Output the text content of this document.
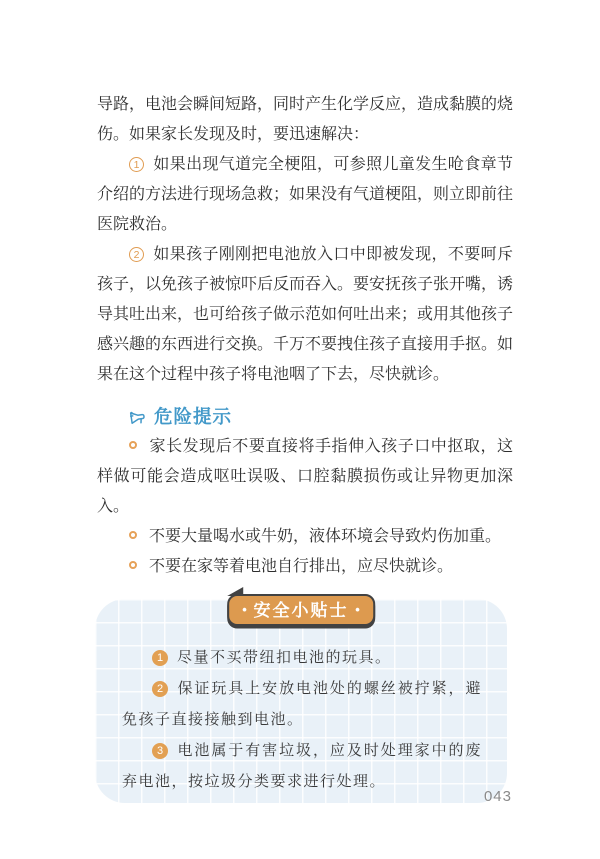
导路，电池会瞬间短路，同时产生化学反应，造成黏膜的烧伤。如果家长发现及时，要迅速解决：

1 如果出现气道完全梗阻，可参照儿童发生呛食章节介绍的方法进行现场急救；如果没有气道梗阻，则立即前往医院救治。

2 如果孩子刚刚把电池放入口中即被发现，不要呵斥孩子，以免孩子被惊吓后反而吞入。要安抚孩子张开嘴，诱导其吐出来，也可给孩子做示范如何吐出来；或用其他孩子感兴趣的东西进行交换。千万不要拽住孩子直接用手抠。如果在这个过程中孩子将电池咽了下去，尽快就诊。

危险提示

家长发现后不要直接将手指伸入孩子口中抠取，这样做可能会造成呕吐误吸、口腔黏膜损伤或让异物更加深入。

不要大量喝水或牛奶，液体环境会导致灼伤加重。

不要在家等着电池自行排出，应尽快就诊。

• 安全小贴士 •

1 尽量不买带纽扣电池的玩具。

2 保证玩具上安放电池处的螺丝被拧紧，避免孩子直接接触到电池。

3 电池属于有害垃圾，应及时处理家中的废弃电池，按垃圾分类要求进行处理。

043
